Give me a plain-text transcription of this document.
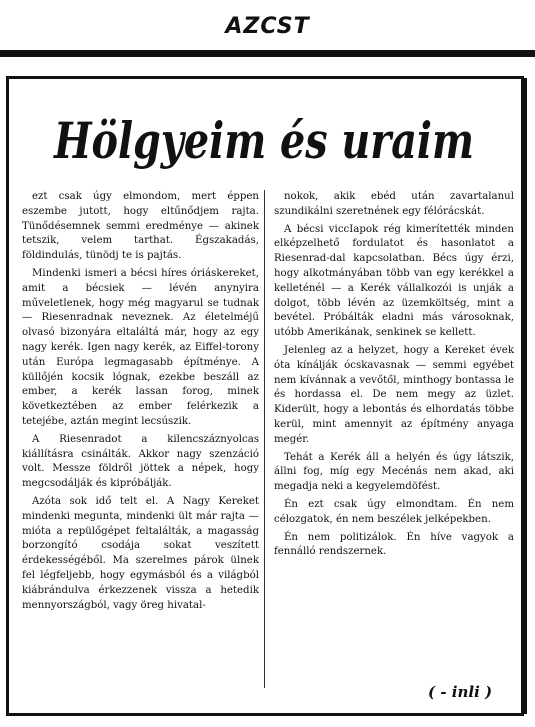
AZCST
Hölgyeim és uraim

ezt csak úgy elmondom, mert éppen eszembe jutott, hogy eltűnődjem rajta. Tünődésemnek semmi eredménye — akinek tetszik, velem tarthat. Égszakadás, földindulás, tünödj te is pajtás.

Mindenki ismeri a bécsi híres óriáskereket, amit a bécsiek — lévén anynyira műveletlenek, hogy még magyarul se tudnak — Riesenradnak neveznek. Az életelméjű olvasó bizonyára eltaláltá már, hogy az egy nagy kerék. Igen nagy kerék, az Eiffel-torony után Európa legmagasabb építménye. A küllőjén kocsik lógnak, ezekbe beszáll az ember, a kerék lassan forog, minek következtében az ember felérkezik a tetejébe, aztán megint lecsúszik.

A Riesenradot a kilencszáznyolcas kiállításra csinálták. Akkor nagy szenzáció volt. Messze földről jöttek a népek, hogy megcsodálják és kipróbálják.

Azóta sok idő telt el. A Nagy Kereket mindenki megunta, mindenki ült már rajta — mióta a repülőgépet feltalálták, a magasság borzongító csodája sokat veszített érdekességéből. Ma szerelmes párok ülnek fel légfeljebb, hogy egymásból és a világból kiábrándulva érkezzenek vissza a hetedik mennyországból, vagy öreg hivatal-

nokok, akik ebéd után zavartalanul szundikálni szeretnének egy félórácskát.

A bécsi viccIapok rég kimerítették minden elképzelhető fordulatot és hasonlatot a Riesenrad-dal kapcsolatban. Bécs úgy érzi, hogy alkotmányában több van egy kerékkel a kelleténél — a Kerék vállalkozói is unják a dolgot, több lévén az üzemköltség, mint a bevétel. Próbálták eladni más városoknak, utóbb Amerikának, senkinek se kellett.

Jelenleg az a helyzet, hogy a Kereket évek óta kínálják ócskavasnak — semmi egyébet nem kívánnak a vevőtől, minthogy bontassa le és hordassa el. De nem megy az üzlet. Kiderült, hogy a lebontás és elhordatás többe kerül, mint amennyit az építmény anyaga megér.

Tehát a Kerék áll a helyén és úgy látszik, állni fog, míg egy Mecénás nem akad, aki megadja neki a kegyelemdöfést.

Én ezt csak úgy elmondtam. Én nem célozgatok, én nem beszélek jelképekben.

Én nem politizálok. Én híve vagyok a fennálló rendszernek.

( - inli )
